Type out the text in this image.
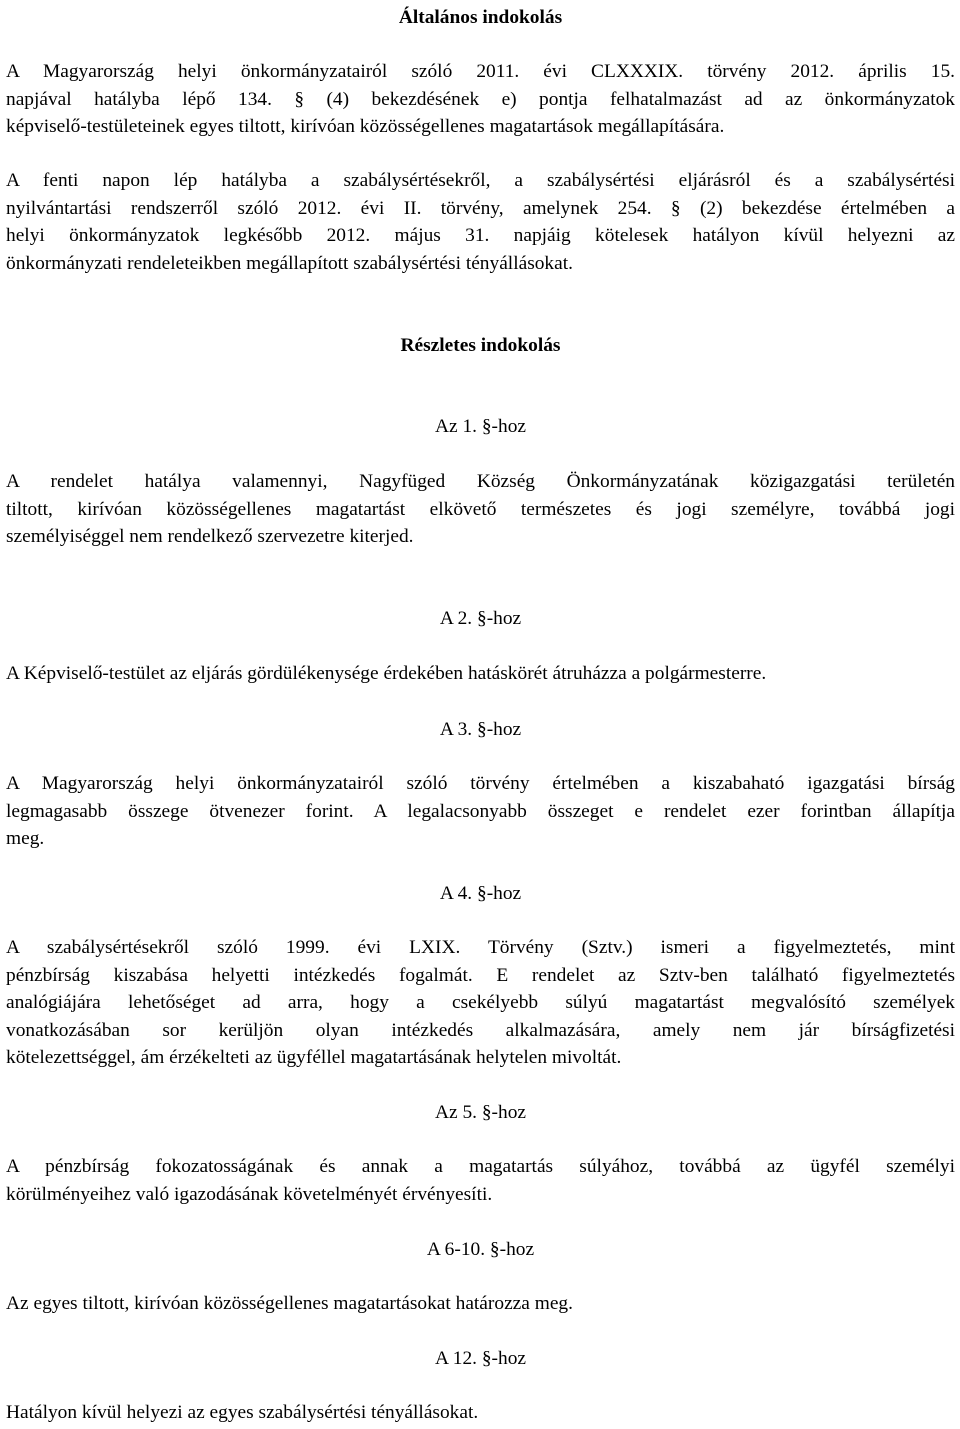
Általános indokolás
A Magyarország helyi önkormányzatairól szóló 2011. évi CLXXXIX. törvény 2012. április 15.
napjával hatályba lépő 134. § (4) bekezdésének e) pontja felhatalmazást ad az önkormányzatok
képviselő-testületeinek egyes tiltott, kirívóan közösségellenes magatartások megállapítására.
A fenti napon lép hatályba a szabálysértésekről, a szabálysértési eljárásról és a szabálysértési
nyilvántartási rendszerről szóló 2012. évi II. törvény, amelynek 254. § (2) bekezdése értelmében a
helyi önkormányzatok legkésőbb 2012. május 31. napjáig kötelesek hatályon kívül helyezni az
önkormányzati rendeleteikben megállapított szabálysértési tényállásokat.
Részletes indokolás
Az 1. §-hoz
A rendelet hatálya valamennyi, Nagyfüged Község Önkormányzatának közigazgatási területén
tiltott, kirívóan közösségellenes magatartást elkövető természetes és jogi személyre, továbbá jogi
személyiséggel nem rendelkező szervezetre kiterjed.
A 2. §-hoz
A Képviselő-testület az eljárás gördülékenysége érdekében hatáskörét átruházza a polgármesterre.
A 3. §-hoz
A Magyarország helyi önkormányzatairól szóló törvény értelmében a kiszabaható igazgatási bírság
legmagasabb összege ötvenezer forint. A legalacsonyabb összeget e rendelet ezer forintban állapítja
meg.
A 4. §-hoz
A szabálysértésekről szóló 1999. évi LXIX. Törvény (Sztv.) ismeri a figyelmeztetés, mint
pénzbírság kiszabása helyetti intézkedés fogalmát. E rendelet az Sztv-ben található figyelmeztetés
analógiájára lehetőséget ad arra, hogy a csekélyebb súlyú magatartást megvalósító személyek
vonatkozásában sor kerüljön olyan intézkedés alkalmazására, amely nem jár bírságfizetési
kötelezettséggel, ám érzékelteti az ügyféllel magatartásának helytelen mivoltát.
Az 5. §-hoz
A pénzbírság fokozatosságának és annak a magatartás súlyához, továbbá az ügyfél személyi
körülményeihez való igazodásának követelményét érvényesíti.
A 6-10. §-hoz
Az egyes tiltott, kirívóan közösségellenes magatartásokat határozza meg.
A 12. §-hoz
Hatályon kívül helyezi az egyes szabálysértési tényállásokat.
